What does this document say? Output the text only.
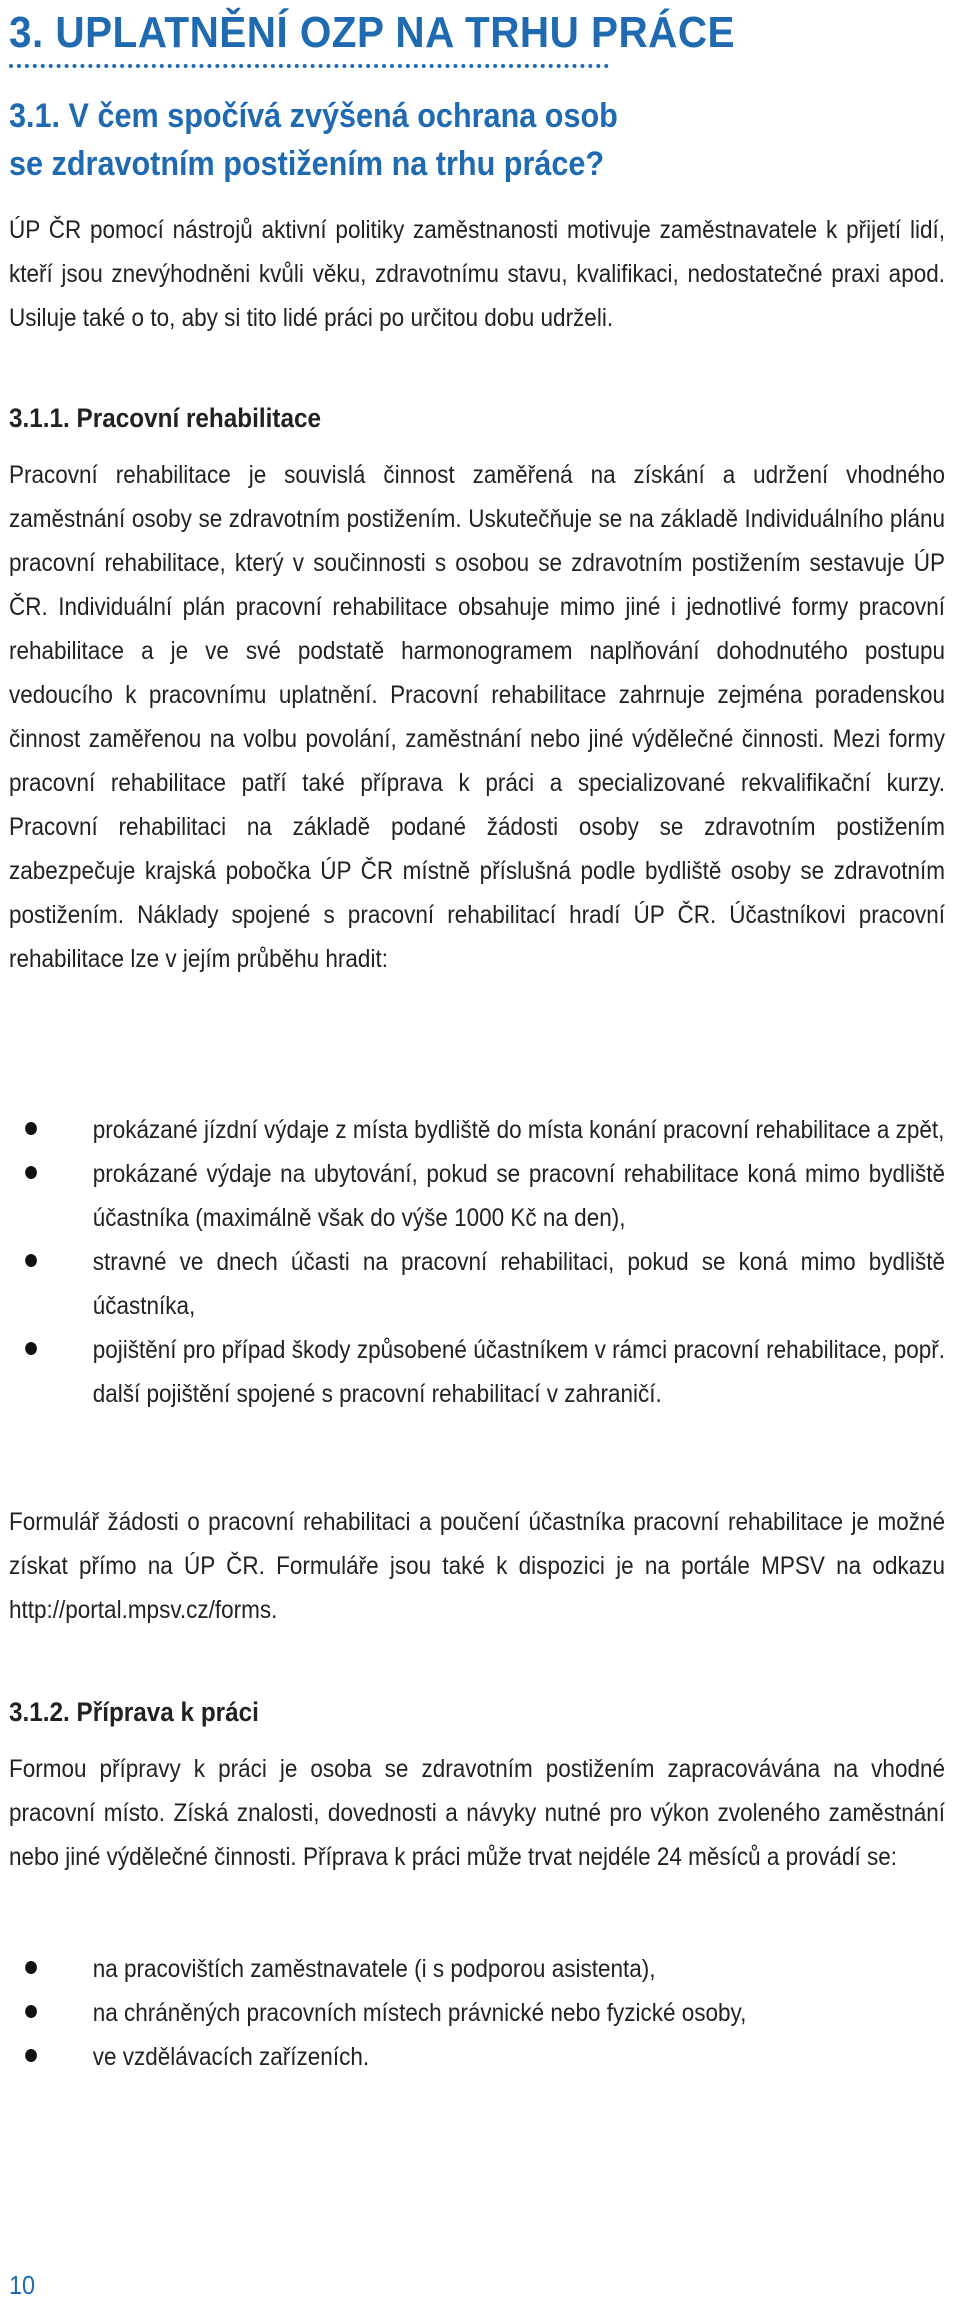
3. UPLATNĚNÍ OZP NA TRHU PRÁCE
3.1. V čem spočívá zvýšená ochrana osob se zdravotním postižením na trhu práce?

ÚP ČR pomocí nástrojů aktivní politiky zaměstnanosti motivuje zaměstnavatele k přijetí lidí, kteří jsou znevýhodněni kvůli věku, zdravotnímu stavu, kvalifikaci, nedostatečné praxi apod. Usiluje také o to, aby si tito lidé práci po určitou dobu udrželi.

3.1.1. Pracovní rehabilitace

Pracovní rehabilitace je souvislá činnost zaměřená na získání a udržení vhodného zaměstnání osoby se zdravotním postižením. Uskutečňuje se na základě Individuálního plánu pracovní rehabilitace, který v součinnosti s osobou se zdravotním postižením sestavuje ÚP ČR. Individuální plán pracovní rehabilitace obsahuje mimo jiné i jednotlivé formy pracovní rehabilitace a je ve své podstatě harmonogramem naplňování dohodnutého postupu vedoucího k pracovnímu uplatnění. Pracovní rehabilitace zahrnuje zejména poradenskou činnost zaměřenou na volbu povolání, zaměstnání nebo jiné výdělečné činnosti. Mezi formy pracovní rehabilitace patří také příprava k práci a specializované rekvalifikační kurzy. Pracovní rehabilitaci na základě podané žádosti osoby se zdravotním postižením zabezpečuje krajská pobočka ÚP ČR místně příslušná podle bydliště osoby se zdravotním postižením. Náklady spojené s pracovní rehabilitací hradí ÚP ČR. Účastníkovi pracovní rehabilitace lze v jejím průběhu hradit:

prokázané jízdní výdaje z místa bydliště do místa konání pracovní rehabilitace a zpět,
prokázané výdaje na ubytování, pokud se pracovní rehabilitace koná mimo bydliště účastníka (maximálně však do výše 1000 Kč na den),
stravné ve dnech účasti na pracovní rehabilitaci, pokud se koná mimo bydliště účastníka,
pojištění pro případ škody způsobené účastníkem v rámci pracovní rehabilitace, popř. další pojištění spojené s pracovní rehabilitací v zahraničí.

Formulář žádosti o pracovní rehabilitaci a poučení účastníka pracovní rehabilitace je možné získat přímo na ÚP ČR. Formuláře jsou také k dispozici je na portále MPSV na odkazu http://portal.mpsv.cz/forms.

3.1.2. Příprava k práci

Formou přípravy k práci je osoba se zdravotním postižením zapracovávána na vhodné pracovní místo. Získá znalosti, dovednosti a návyky nutné pro výkon zvoleného zaměstnání nebo jiné výdělečné činnosti. Příprava k práci může trvat nejdéle 24 měsíců a provádí se:

na pracovištích zaměstnavatele (i s podporou asistenta),
na chráněných pracovních místech právnické nebo fyzické osoby,
ve vzdělávacích zařízeních.
10
